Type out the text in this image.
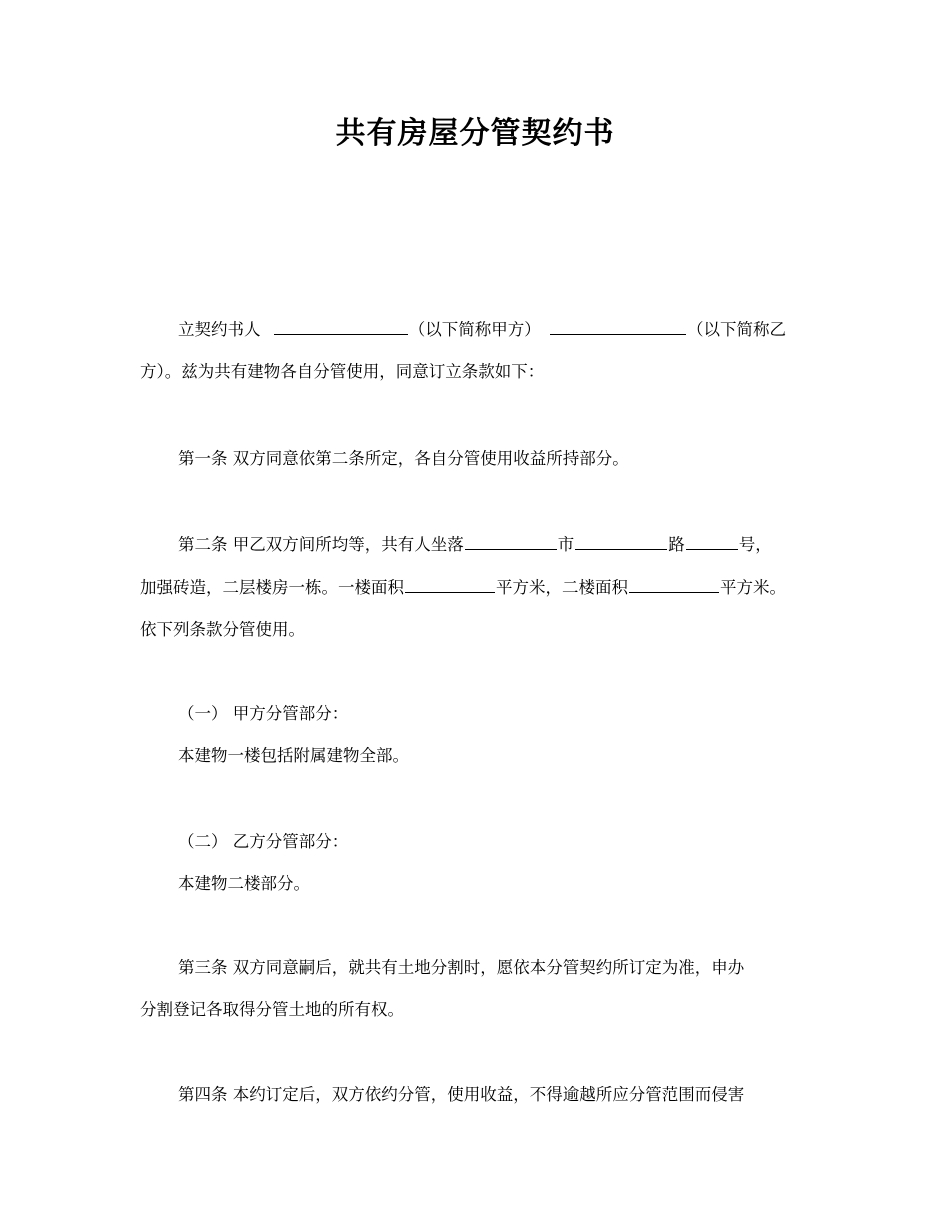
共有房屋分管契约书
立契约书人	（以下简称甲方）	（以下简称乙
方）。兹为共有建物各自分管使用，同意订立条款如下：
第一条 双方同意依第二条所定，各自分管使用收益所持部分。
第二条 甲乙双方间所均等，共有人坐落	市	路	号，
加强砖造，二层楼房一栋。一楼面积	平方米，二楼面积	平方米。
依下列条款分管使用。
（一） 甲方分管部分：
本建物一楼包括附属建物全部。
（二） 乙方分管部分：
本建物二楼部分。
第三条 双方同意嗣后，就共有土地分割时，愿依本分管契约所订定为准，申办
分割登记各取得分管土地的所有权。
第四条 本约订定后，双方依约分管，使用收益，不得逾越所应分管范围而侵害
